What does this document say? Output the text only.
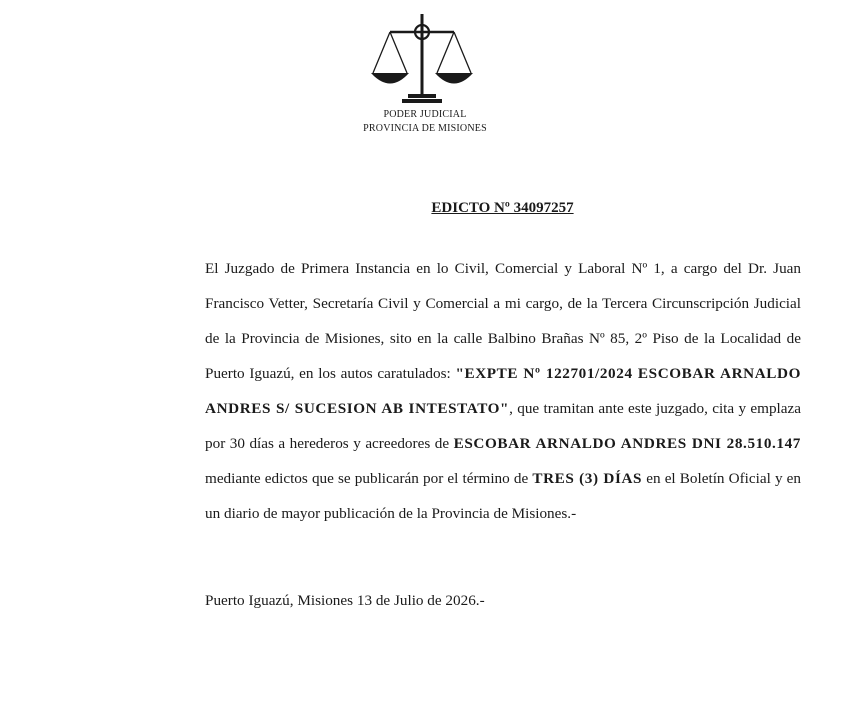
PODER JUDICIAL
PROVINCIA DE MISIONES
EDICTO Nº 34097257
El Juzgado de Primera Instancia en lo Civil, Comercial y Laboral Nº 1, a cargo del Dr. Juan Francisco Vetter, Secretaría Civil y Comercial a mi cargo, de la Tercera Circunscripción Judicial de la Provincia de Misiones, sito en la calle Balbino Brañas Nº 85, 2º Piso de la Localidad de Puerto Iguazú, en los autos caratulados: "EXPTE Nº 122701/2024 ESCOBAR ARNALDO ANDRES S/ SUCESION AB INTESTATO", que tramitan ante este juzgado, cita y emplaza por 30 días a herederos y acreedores de ESCOBAR ARNALDO ANDRES DNI 28.510.147 mediante edictos que se publicarán por el término de TRES (3) DÍAS en el Boletín Oficial y en un diario de mayor publicación de la Provincia de Misiones.-
Puerto Iguazú, Misiones 13 de Julio de 2026.-
